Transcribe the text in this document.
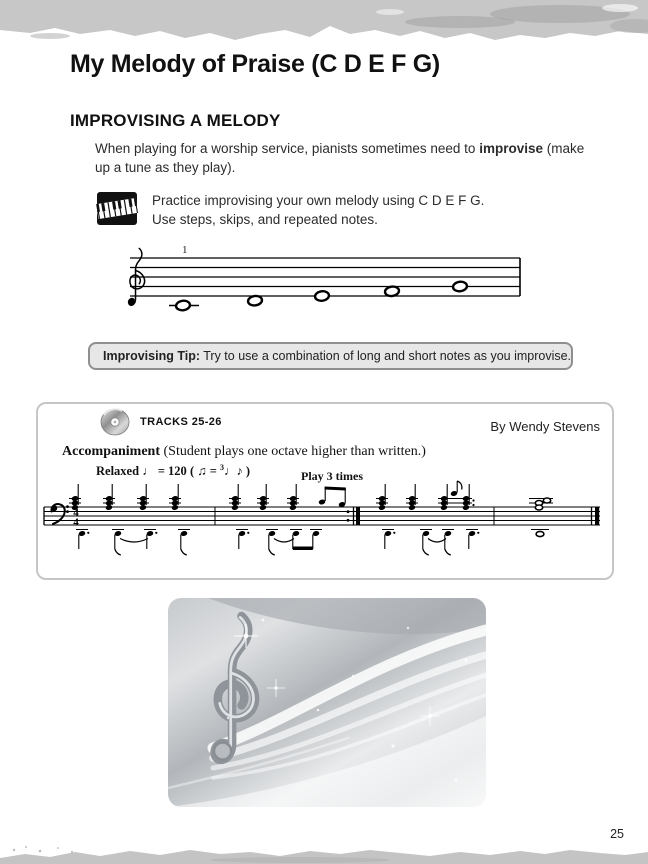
My Melody of Praise (C D E F G)
IMPROVISING A MELODY
When playing for a worship service, pianists sometimes need to improvise (make up a tune as they play).
Practice improvising your own melody using C D E F G.
Use steps, skips, and repeated notes.
1
Improvising Tip: Try to use a combination of long and short notes as you improvise.
TRACKS 25-26	By Wendy Stevens
Accompaniment (Student plays one octave higher than written.)
Relaxed ♩ = 120 ( ♫ = $^3$♩♪ )	Play 3 times
4
4
25
